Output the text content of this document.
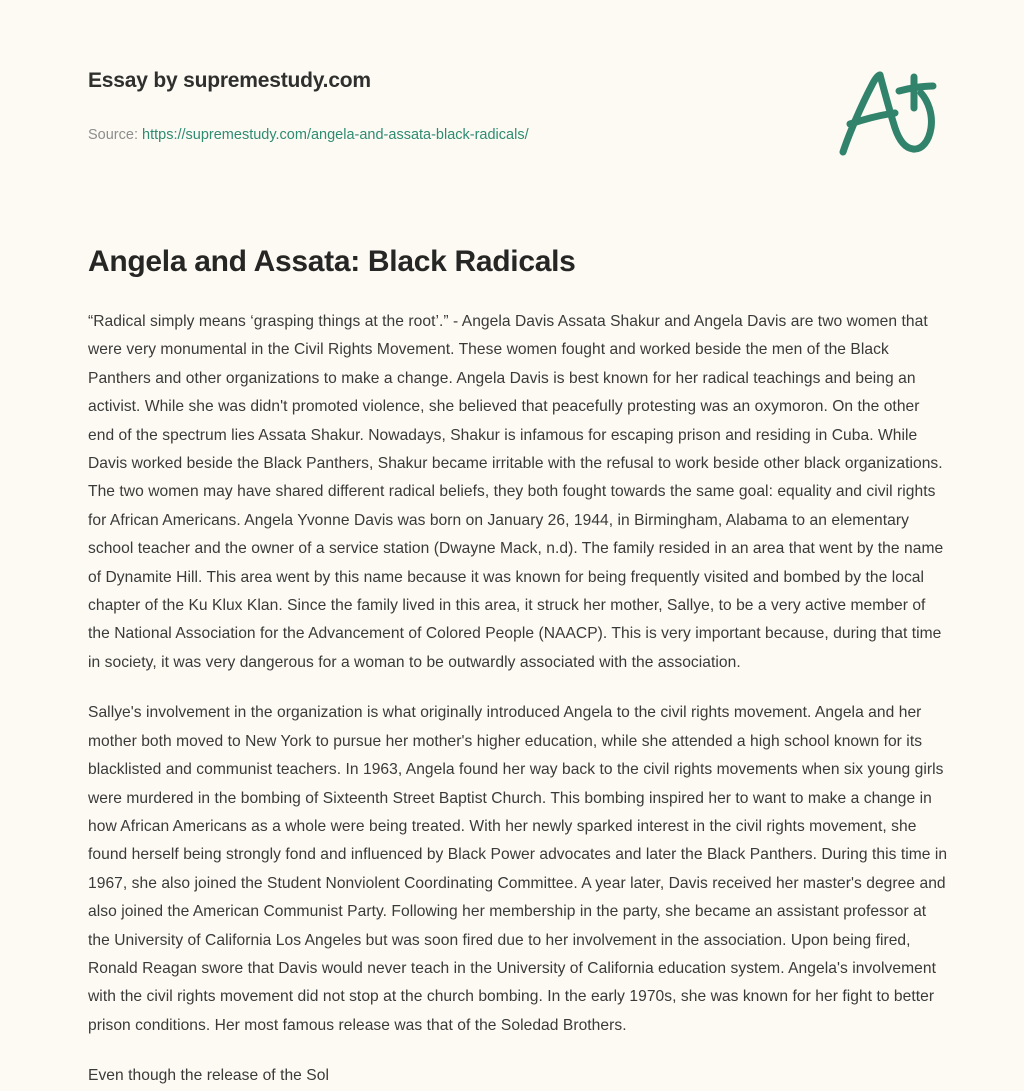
Essay by supremestudy.com

Source: https://supremestudy.com/angela-and-assata-black-radicals/

Angela and Assata: Black Radicals

“Radical simply means ‘grasping things at the root’.” - Angela Davis Assata Shakur and Angela Davis are two women that were very monumental in the Civil Rights Movement. These women fought and worked beside the men of the Black Panthers and other organizations to make a change. Angela Davis is best known for her radical teachings and being an activist. While she was didn't promoted violence, she believed that peacefully protesting was an oxymoron. On the other end of the spectrum lies Assata Shakur. Nowadays, Shakur is infamous for escaping prison and residing in Cuba. While Davis worked beside the Black Panthers, Shakur became irritable with the refusal to work beside other black organizations. The two women may have shared different radical beliefs, they both fought towards the same goal: equality and civil rights for African Americans. Angela Yvonne Davis was born on January 26, 1944, in Birmingham, Alabama to an elementary school teacher and the owner of a service station (Dwayne Mack, n.d). The family resided in an area that went by the name of Dynamite Hill. This area went by this name because it was known for being frequently visited and bombed by the local chapter of the Ku Klux Klan. Since the family lived in this area, it struck her mother, Sallye, to be a very active member of the National Association for the Advancement of Colored People (NAACP). This is very important because, during that time in society, it was very dangerous for a woman to be outwardly associated with the association.

Sallye's involvement in the organization is what originally introduced Angela to the civil rights movement. Angela and her mother both moved to New York to pursue her mother's higher education, while she attended a high school known for its blacklisted and communist teachers. In 1963, Angela found her way back to the civil rights movements when six young girls were murdered in the bombing of Sixteenth Street Baptist Church. This bombing inspired her to want to make a change in how African Americans as a whole were being treated. With her newly sparked interest in the civil rights movement, she found herself being strongly fond and influenced by Black Power advocates and later the Black Panthers. During this time in 1967, she also joined the Student Nonviolent Coordinating Committee. A year later, Davis received her master's degree and also joined the American Communist Party. Following her membership in the party, she became an assistant professor at the University of California Los Angeles but was soon fired due to her involvement in the association. Upon being fired, Ronald Reagan swore that Davis would never teach in the University of California education system. Angela's involvement with the civil rights movement did not stop at the church bombing. In the early 1970s, she was known for her fight to better prison conditions. Her most famous release was that of the Soledad Brothers.

Even though the release of the Sol
